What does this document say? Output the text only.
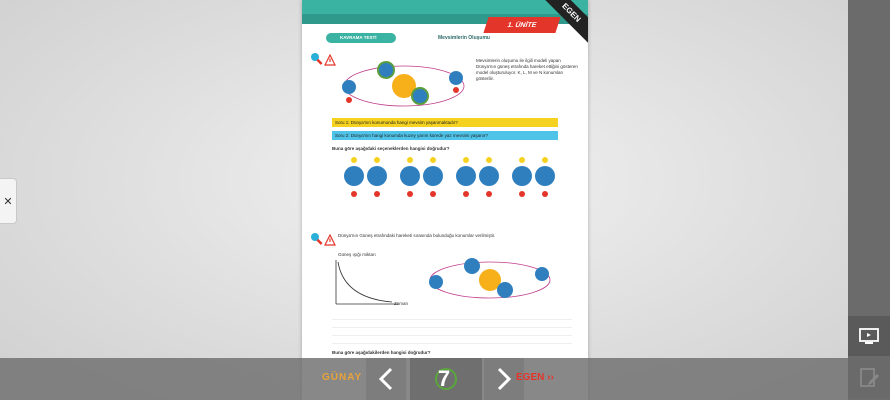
✕
EGEN
1. ÜNİTE
KAVRAMA TESTİ	Mevsimlerin Oluşumu
Mevsimlerin oluşumu ile ilgili modeli yapan Dünya'nın güneş etrafında hareket ettiğini gösteren model oluşturuluyor. K, L, M ve N konumları gösterilir.
Soru 1: Dünya'nın konumunda hangi mevsim yaşanmaktadır?
Soru 2: Dünya'nın hangi konumda kuzey yarım kürede yaz mevsimi yaşanır?
Buna göre aşağıdaki seçeneklerden hangisi doğrudur?
Dünya'nın Güneş etrafındaki hareketi sırasında bulunduğu konumlar verilmiştir.
Güneş ışığı miktarı
Zaman
Buna göre aşağıdakilerden hangisi doğrudur?
GÜNAY	7	EGEN ››
